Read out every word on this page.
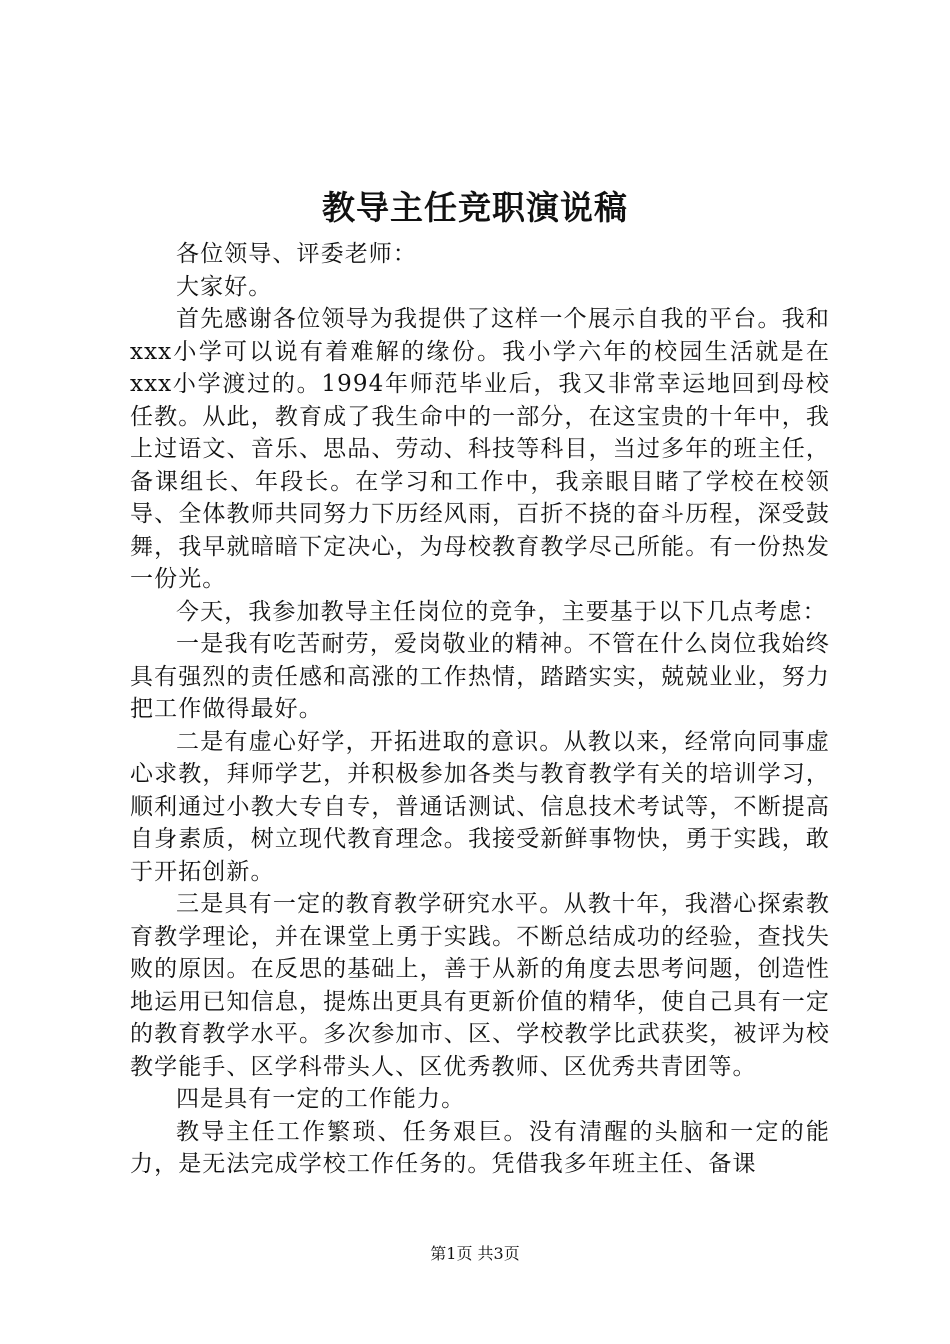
教导主任竞职演说稿

各位领导、评委老师：

大家好。

首先感谢各位领导为我提供了这样一个展示自我的平台。我和xxx小学可以说有着难解的缘份。我小学六年的校园生活就是在xxx小学渡过的。1994年师范毕业后，我又非常幸运地回到母校任教。从此，教育成了我生命中的一部分，在这宝贵的十年中，我上过语文、音乐、思品、劳动、科技等科目，当过多年的班主任，备课组长、年段长。在学习和工作中，我亲眼目睹了学校在校领导、全体教师共同努力下历经风雨，百折不挠的奋斗历程，深受鼓舞，我早就暗暗下定决心，为母校教育教学尽己所能。有一份热发一份光。

今天，我参加教导主任岗位的竞争，主要基于以下几点考虑：

一是我有吃苦耐劳，爱岗敬业的精神。不管在什么岗位我始终具有强烈的责任感和高涨的工作热情，踏踏实实，兢兢业业，努力把工作做得最好。

二是有虚心好学，开拓进取的意识。从教以来，经常向同事虚心求教，拜师学艺，并积极参加各类与教育教学有关的培训学习，顺利通过小教大专自专，普通话测试、信息技术考试等，不断提高自身素质，树立现代教育理念。我接受新鲜事物快，勇于实践，敢于开拓创新。

三是具有一定的教育教学研究水平。从教十年，我潜心探索教育教学理论，并在课堂上勇于实践。不断总结成功的经验，查找失败的原因。在反思的基础上，善于从新的角度去思考问题，创造性地运用已知信息，提炼出更具有更新价值的精华，使自己具有一定的教育教学水平。多次参加市、区、学校教学比武获奖，被评为校教学能手、区学科带头人、区优秀教师、区优秀共青团等。

四是具有一定的工作能力。

教导主任工作繁琐、任务艰巨。没有清醒的头脑和一定的能力，是无法完成学校工作任务的。凭借我多年班主任、备课

第1页 共3页
